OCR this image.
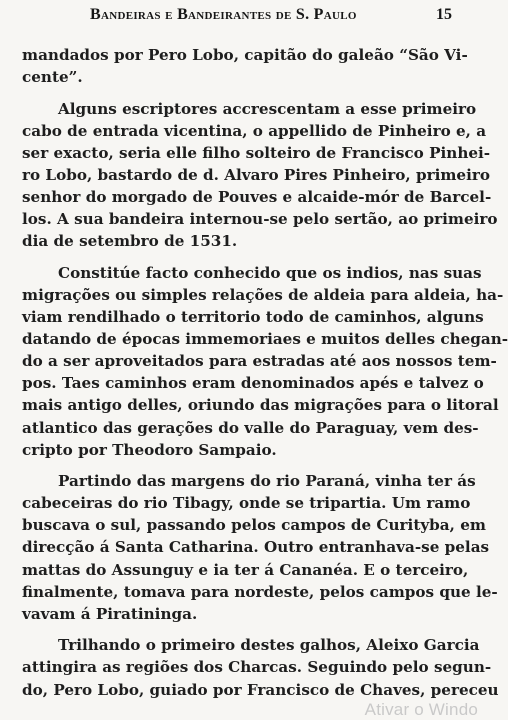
Bandeiras e Bandeirantes de S. Paulo	15
mandados por Pero Lobo, capitão do galeão “São Vi-
cente”.
Alguns escriptores accrescentam a esse primeiro
cabo de entrada vicentina, o appellido de Pinheiro e, a
ser exacto, seria elle filho solteiro de Francisco Pinhei-
ro Lobo, bastardo de d. Alvaro Pires Pinheiro, primeiro
senhor do morgado de Pouves e alcaide-mór de Barcel-
los. A sua bandeira internou-se pelo sertão, ao primeiro
dia de setembro de 1531.
Constitúe facto conhecido que os indios, nas suas
migrações ou simples relações de aldeia para aldeia, ha-
viam rendilhado o territorio todo de caminhos, alguns
datando de épocas immemoriaes e muitos delles chegan-
do a ser aproveitados para estradas até aos nossos tem-
pos. Taes caminhos eram denominados apés e talvez o
mais antigo delles, oriundo das migrações para o litoral
atlantico das gerações do valle do Paraguay, vem des-
cripto por Theodoro Sampaio.
Partindo das margens do rio Paraná, vinha ter ás
cabeceiras do rio Tibagy, onde se tripartia. Um ramo
buscava o sul, passando pelos campos de Curityba, em
direcção á Santa Catharina. Outro entranhava-se pelas
mattas do Assunguy e ia ter á Cananéa. E o terceiro,
finalmente, tomava para nordeste, pelos campos que le-
vavam á Piratininga.
Trilhando o primeiro destes galhos, Aleixo Garcia
attingira as regiões dos Charcas. Seguindo pelo segun-
do, Pero Lobo, guiado por Francisco de Chaves, pereceu
Ativar o Windo
